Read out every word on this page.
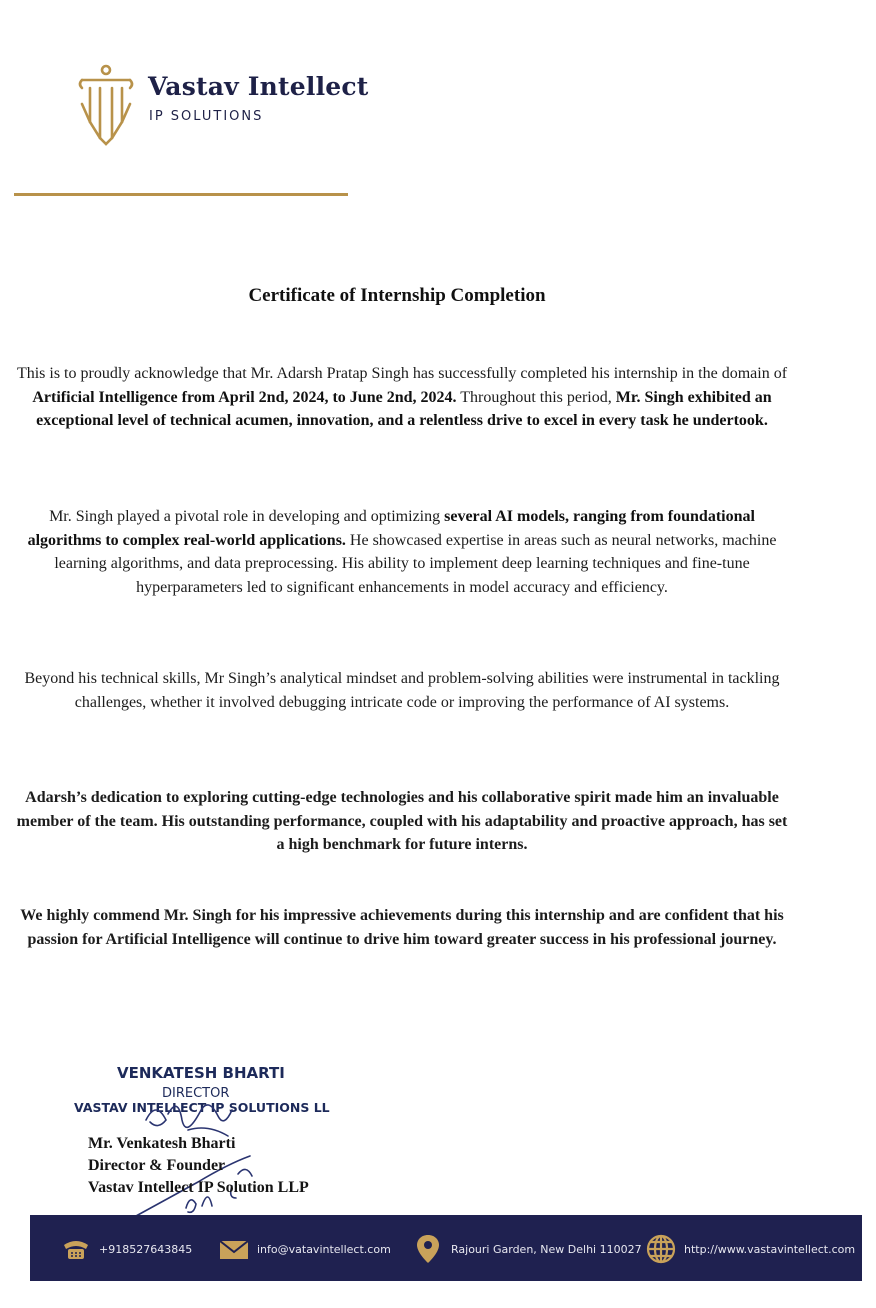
Vastav Intellect
IP SOLUTIONS
Certificate of Internship Completion
This is to proudly acknowledge that Mr. Adarsh Pratap Singh has successfully completed his internship in the domain of Artificial Intelligence from April 2nd, 2024, to June 2nd, 2024. Throughout this period, Mr. Singh exhibited an exceptional level of technical acumen, innovation, and a relentless drive to excel in every task he undertook.
Mr. Singh played a pivotal role in developing and optimizing several AI models, ranging from foundational algorithms to complex real-world applications. He showcased expertise in areas such as neural networks, machine learning algorithms, and data preprocessing. His ability to implement deep learning techniques and fine-tune hyperparameters led to significant enhancements in model accuracy and efficiency.
Beyond his technical skills, Mr Singh’s analytical mindset and problem-solving abilities were instrumental in tackling challenges, whether it involved debugging intricate code or improving the performance of AI systems.
Adarsh’s dedication to exploring cutting-edge technologies and his collaborative spirit made him an invaluable member of the team. His outstanding performance, coupled with his adaptability and proactive approach, has set a high benchmark for future interns.
We highly commend Mr. Singh for his impressive achievements during this internship and are confident that his passion for Artificial Intelligence will continue to drive him toward greater success in his professional journey.
VENKATESH BHARTI
DIRECTOR
VASTAV INTELLECT IP SOLUTIONS LL
Mr. Venkatesh Bharti
Director & Founder
Vastav Intellect IP Solution LLP
+918527643845	info@vatavintellect.com	Rajouri Garden, New Delhi 110027	http://www.vastavintellect.com
